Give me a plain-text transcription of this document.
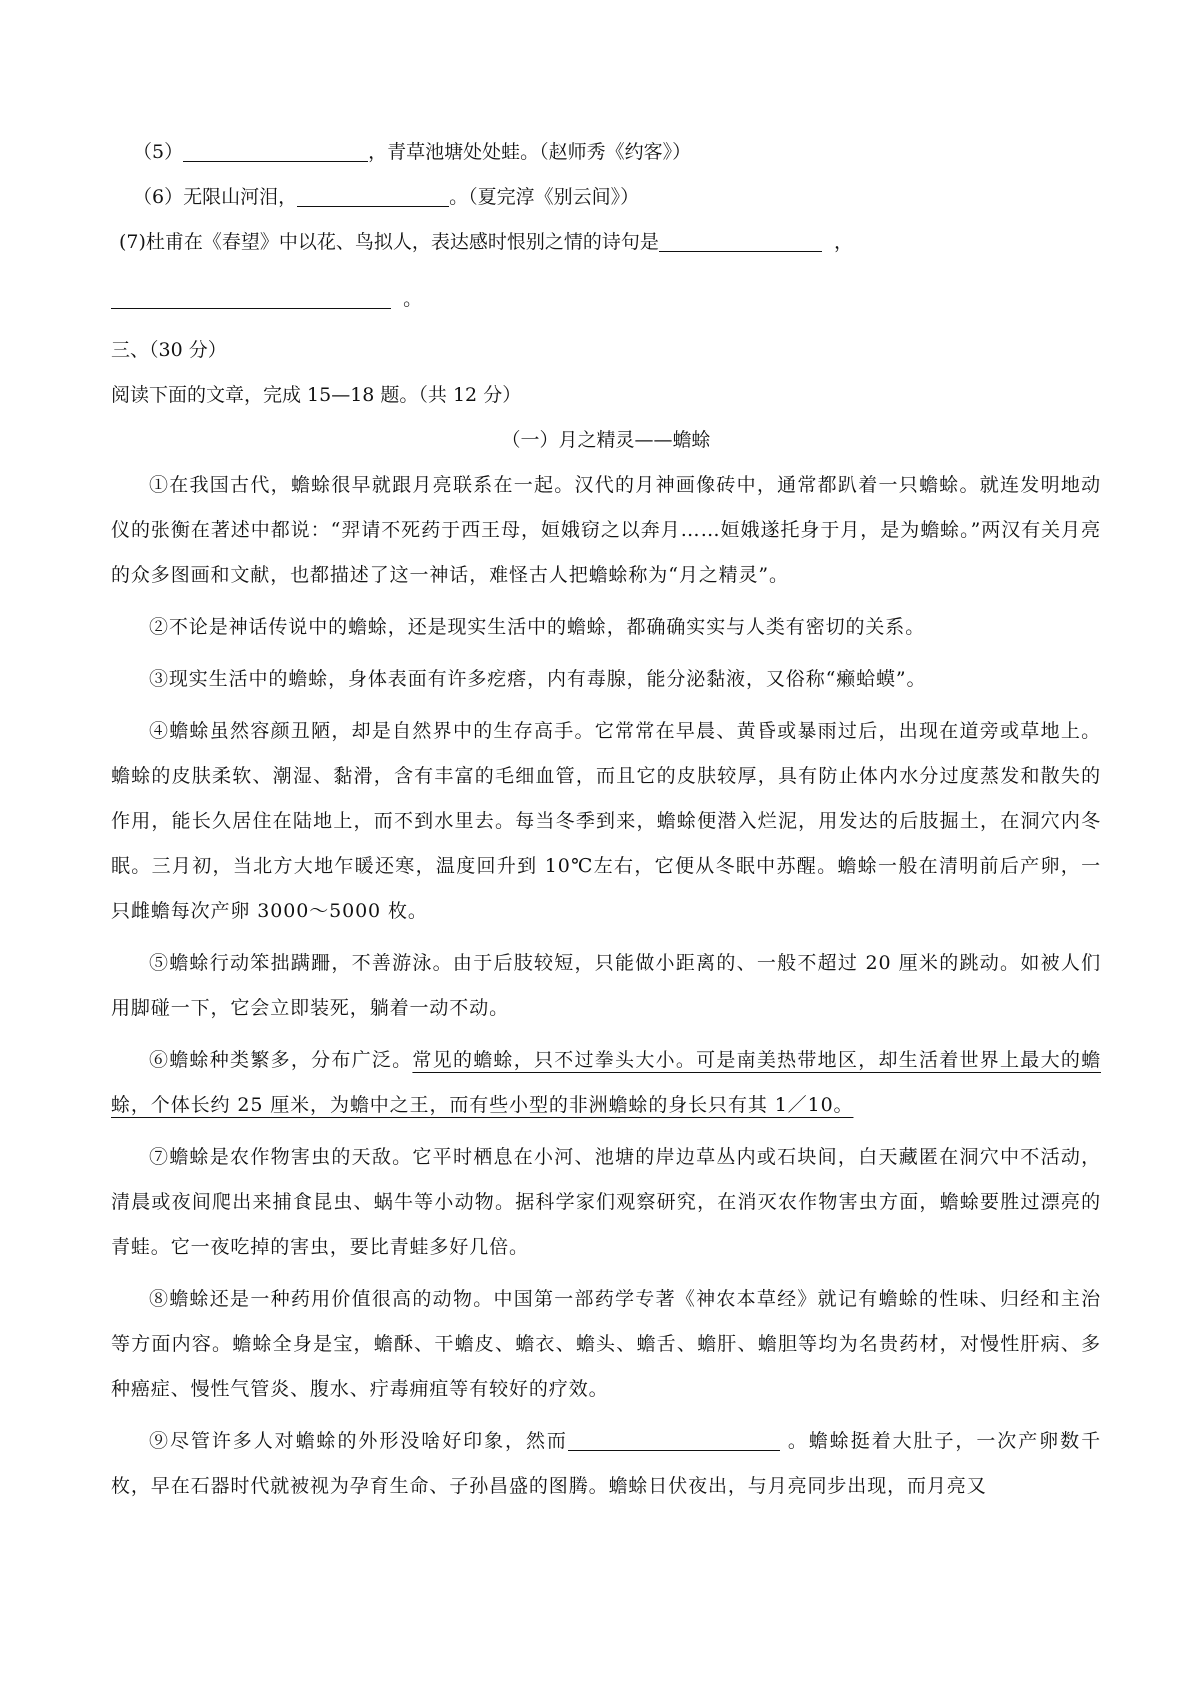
（5）	，青草池塘处处蛙。（赵师秀《约客》）
（6）无限山河泪，	。（夏完淳《别云间》）
(7)杜甫在《春望》中以花、鸟拟人，表达感时恨别之情的诗句是	，
。
三、（30 分）
阅读下面的文章，完成 15—18 题。（共 12 分）
（一）月之精灵——蟾蜍

①在我国古代，蟾蜍很早就跟月亮联系在一起。汉代的月神画像砖中，通常都趴着一只蟾蜍。就连发明地动仪的张衡在著述中都说：“羿请不死药于西王母，姮娥窃之以奔月……姮娥遂托身于月，是为蟾蜍。”两汉有关月亮的众多图画和文献，也都描述了这一神话，难怪古人把蟾蜍称为“月之精灵”。

②不论是神话传说中的蟾蜍，还是现实生活中的蟾蜍，都确确实实与人类有密切的关系。

③现实生活中的蟾蜍，身体表面有许多疙瘩，内有毒腺，能分泌黏液，又俗称“癞蛤蟆”。

④蟾蜍虽然容颜丑陋，却是自然界中的生存高手。它常常在早晨、黄昏或暴雨过后，出现在道旁或草地上。蟾蜍的皮肤柔软、潮湿、黏滑，含有丰富的毛细血管，而且它的皮肤较厚，具有防止体内水分过度蒸发和散失的作用，能长久居住在陆地上，而不到水里去。每当冬季到来，蟾蜍便潜入烂泥，用发达的后肢掘土，在洞穴内冬眠。三月初，当北方大地乍暖还寒，温度回升到 10℃左右，它便从冬眠中苏醒。蟾蜍一般在清明前后产卵，一只雌蟾每次产卵 3000～5000 枚。

⑤蟾蜍行动笨拙蹒跚，不善游泳。由于后肢较短，只能做小距离的、一般不超过 20 厘米的跳动。如被人们用脚碰一下，它会立即装死，躺着一动不动。

⑥蟾蜍种类繁多，分布广泛。常见的蟾蜍，只不过拳头大小。可是南美热带地区，却生活着世界上最大的蟾蜍，个体长约 25 厘米，为蟾中之王，而有些小型的非洲蟾蜍的身长只有其 1／10。

⑦蟾蜍是农作物害虫的天敌。它平时栖息在小河、池塘的岸边草丛内或石块间，白天藏匿在洞穴中不活动，清晨或夜间爬出来捕食昆虫、蜗牛等小动物。据科学家们观察研究，在消灭农作物害虫方面，蟾蜍要胜过漂亮的青蛙。它一夜吃掉的害虫，要比青蛙多好几倍。

⑧蟾蜍还是一种药用价值很高的动物。中国第一部药学专著《神农本草经》就记有蟾蜍的性味、归经和主治等方面内容。蟾蜍全身是宝，蟾酥、干蟾皮、蟾衣、蟾头、蟾舌、蟾肝、蟾胆等均为名贵药材，对慢性肝病、多种癌症、慢性气管炎、腹水、疔毒痈疽等有较好的疗效。

⑨尽管许多人对蟾蜍的外形没啥好印象，然而	。蟾蜍挺着大肚子，一次产卵数千枚，早在石器时代就被视为孕育生命、子孙昌盛的图腾。蟾蜍日伏夜出，与月亮同步出现，而月亮又
